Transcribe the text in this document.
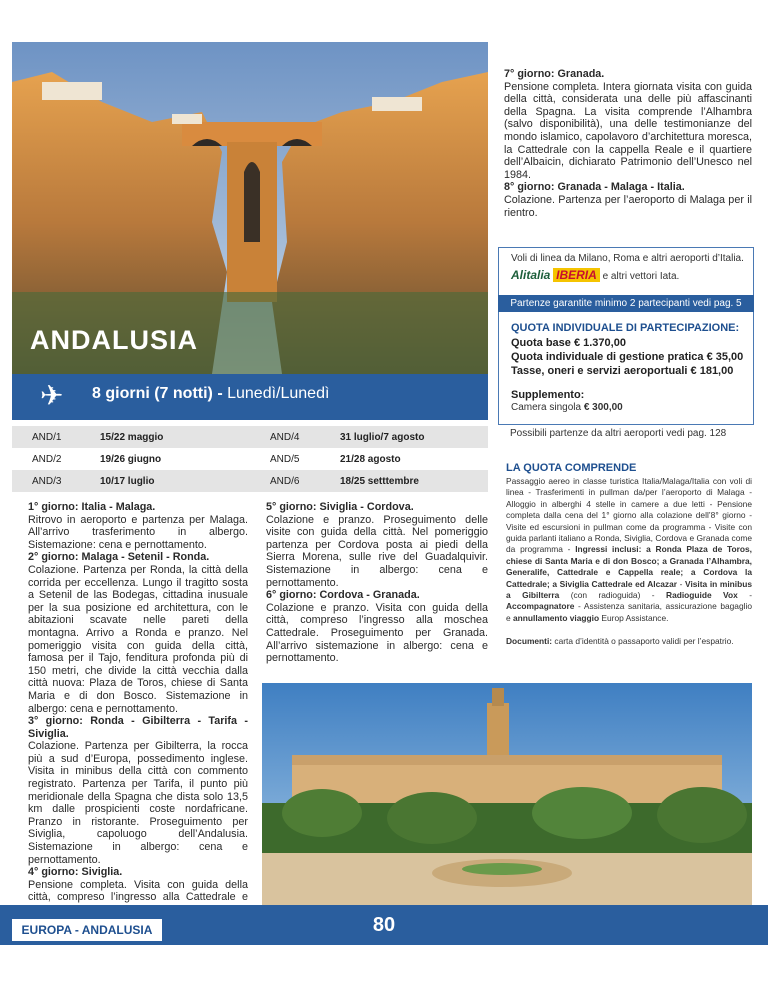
ANDALUSIA
✈ 8 giorni (7 notti) - Lunedì/Lunedì
AND/1	15/22 maggio	AND/4	31 luglio/7 agosto
AND/2	19/26 giugno	AND/5	21/28 agosto
AND/3	10/17 luglio	AND/6	18/25 setttembre

1° giorno: Italia - Malaga.
Ritrovo in aeroporto e partenza per Malaga. All’arrivo trasferimento in albergo. Sistemazione: cena e pernottamento.

2° giorno: Malaga - Setenil - Ronda.
Colazione. Partenza per Ronda, la città della corrida per eccellenza. Lungo il tragitto sosta a Setenil de las Bodegas, cittadina inusuale per la sua posizione ed architettura, con le abitazioni scavate nelle pareti della montagna. Arrivo a Ronda e pranzo. Nel pomeriggio visita con guida della città, famosa per il Tajo, fenditura profonda più di 150 metri, che divide la città vecchia dalla città nuova: Plaza de Toros, chiese di Santa Maria e di don Bosco. Sistemazione in albergo: cena e pernottamento.

3° giorno: Ronda - Gibilterra - Tarifa - Siviglia.
Colazione. Partenza per Gibilterra, la rocca più a sud d’Europa, possedimento inglese. Visita in minibus della città con commento registrato. Partenza per Tarifa, il punto più meridionale della Spagna che dista solo 13,5 km dalle prospicienti coste nordafricane. Pranzo in ristorante. Proseguimento per Siviglia, capoluogo dell’Andalusia. Sistemazione in albergo: cena e pernottamento.

4° giorno: Siviglia.
Pensione completa. Visita con guida della città, compreso l’ingresso alla Cattedrale e

5° giorno: Siviglia - Cordova.
Colazione e pranzo. Proseguimento delle visite con guida della città. Nel pomeriggio partenza per Cordova posta ai piedi della Sierra Morena, sulle rive del Guadalquivir. Sistemazione in albergo: cena e pernottamento.

6° giorno: Cordova - Granada.
Colazione e pranzo. Visita con guida della città, compreso l’ingresso alla moschea Cattedrale. Proseguimento per Granada. All’arrivo sistemazione in albergo: cena e pernottamento.

7° giorno: Granada.
Pensione completa. Intera giornata visita con guida della città, considerata una delle più affascinanti della Spagna. La visita comprende l’Alhambra (salvo disponibilità), una delle testimonianze del mondo islamico, capolavoro d’architettura moresca, la Cattedrale con la cappella Reale e il quartiere dell’Albaicin, dichiarato Patrimonio dell’Unesco nel 1984.

8° giorno: Granada - Malaga - Italia.
Colazione. Partenza per l’aeroporto di Malaga per il rientro.

Voli di linea da Milano, Roma e altri aeroporti d’Italia.
Alitalia IBERIA e altri vettori Iata.
Partenze garantite minimo 2 partecipanti vedi pag. 5
QUOTA INDIVIDUALE DI PARTECIPAZIONE:
Quota base € 1.370,00
Quota individuale di gestione pratica € 35,00
Tasse, oneri e servizi aeroportuali € 181,00
Supplemento:
Camera singola € 300,00
Possibili partenze da altri aeroporti vedi pag. 128
LA QUOTA COMPRENDE
Passaggio aereo in classe turistica Italia/Malaga/Italia con voli di linea - Trasferimenti in pullman da/per l’aeroporto di Malaga - Alloggio in alberghi 4 stelle in camere a due letti - Pensione completa dalla cena del 1° giorno alla colazione dell’8° giorno - Visite ed escursioni in pullman come da programma - Visite con guida parlanti italiano a Ronda, Siviglia, Cordova e Granada come da programma - Ingressi inclusi: a Ronda Plaza de Toros, chiese di Santa Maria e di don Bosco; a Granada l’Alhambra, Generalife, Cattedrale e Cappella reale; a Cordova la Cattedrale; a Siviglia Cattedrale ed Alcazar - Visita in minibus a Gibilterra (con radioguida) - Radioguide Vox - Accompagnatore - Assistenza sanitaria, assicurazione bagaglio e annullamento viaggio Europ Assistance.
Documenti: carta d’identità o passaporto validi per l’espatrio.
EUROPA - ANDALUSIA	80
